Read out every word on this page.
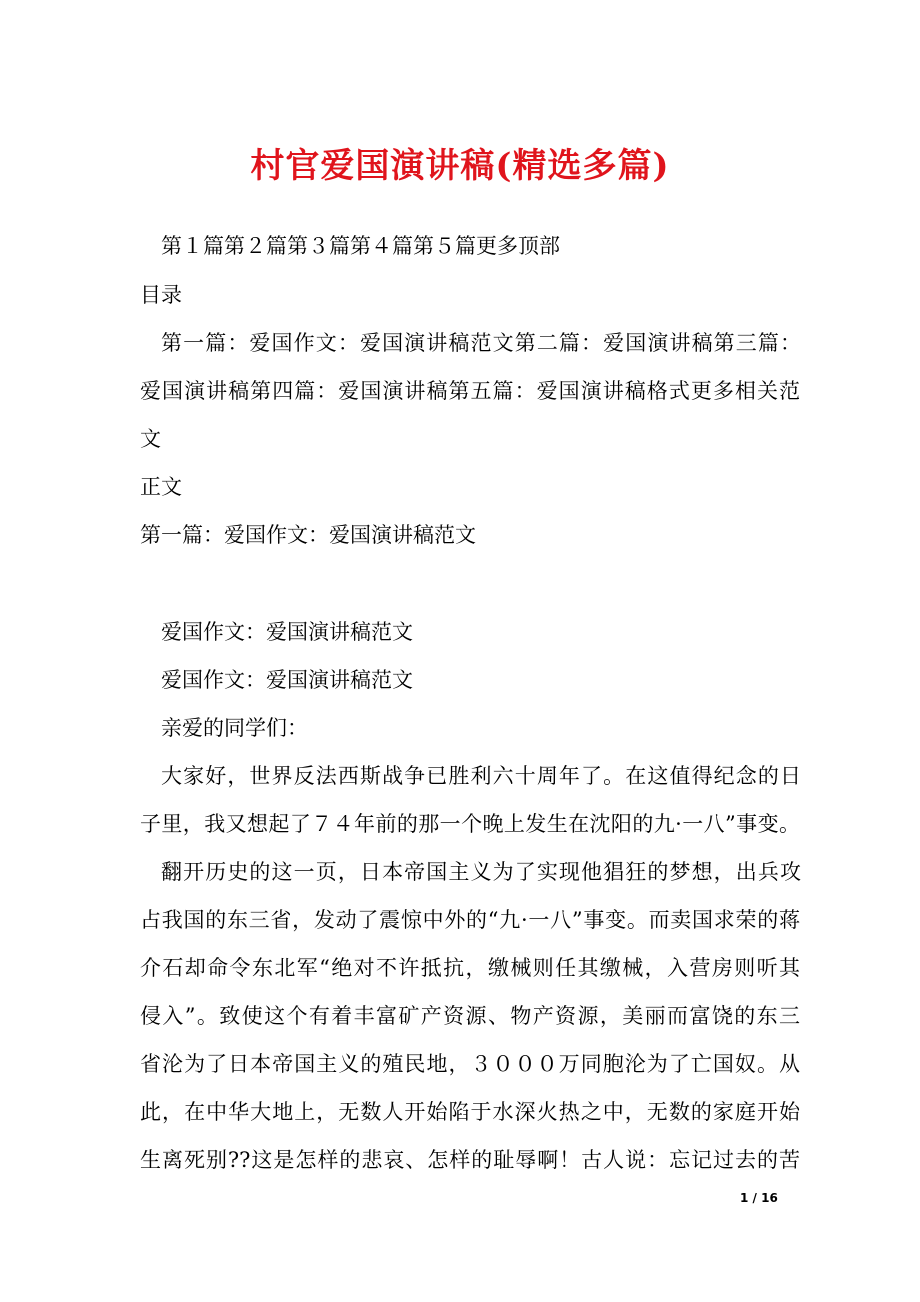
村官爱国演讲稿(精选多篇)
第１篇第２篇第３篇第４篇第５篇更多顶部
目录
第一篇：爱国作文：爱国演讲稿范文第二篇：爱国演讲稿第三篇：
爱国演讲稿第四篇：爱国演讲稿第五篇：爱国演讲稿格式更多相关范
文
正文
第一篇：爱国作文：爱国演讲稿范文
爱国作文：爱国演讲稿范文
爱国作文：爱国演讲稿范文
亲爱的同学们：
大家好，世界反法西斯战争已胜利六十周年了。在这值得纪念的日
子里，我又想起了７４年前的那一个晚上发生在沈阳的九·一八”事变。
翻开历史的这一页，日本帝国主义为了实现他猖狂的梦想，出兵攻
占我国的东三省，发动了震惊中外的“九·一八”事变。而卖国求荣的蒋
介石却命令东北军“绝对不许抵抗，缴械则任其缴械，入营房则听其
侵入”。致使这个有着丰富矿产资源、物产资源，美丽而富饶的东三
省沦为了日本帝国主义的殖民地，３０００万同胞沦为了亡国奴。从
此，在中华大地上，无数人开始陷于水深火热之中，无数的家庭开始
生离死别??这是怎样的悲哀、怎样的耻辱啊！古人说：忘记过去的苦
1 / 16
